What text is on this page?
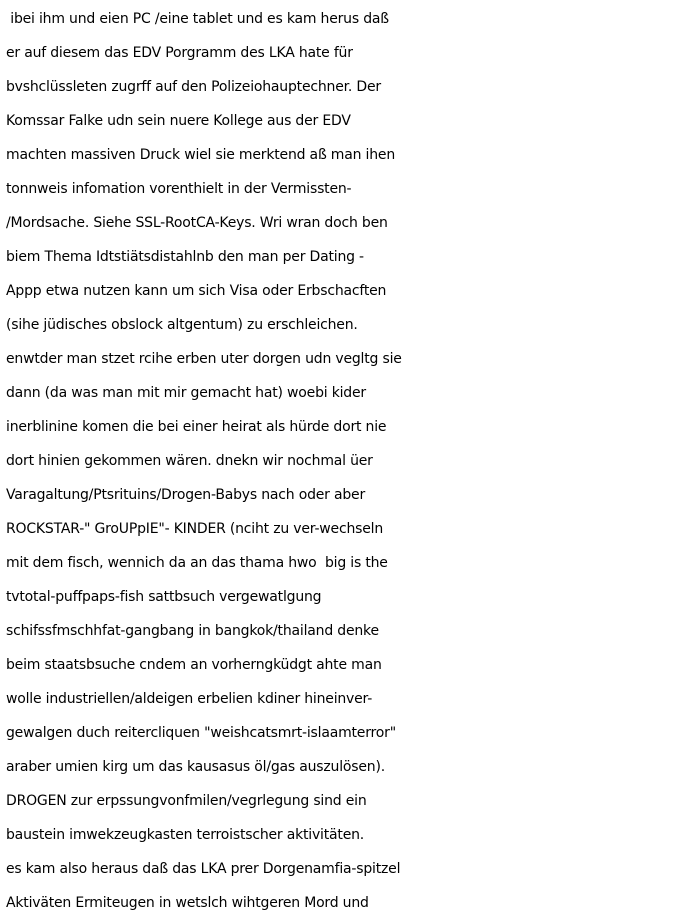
ibei ihm und eien PC /eine tablet und es kam herus daß
er auf diesem das EDV Porgramm des LKA hate für
bvshclüssleten zugrff auf den Polizeiohauptechner. Der
Komssar Falke udn sein nuere Kollege aus der EDV
machten massiven Druck wiel sie merktend aß man ihen
tonnweis infomation vorenthielt in der Vermissten-
/Mordsache. Siehe SSL-RootCA-Keys. Wri wran doch ben
biem Thema Idtstiätsdistahlnb den man per Dating -
Appp etwa nutzen kann um sich Visa oder Erbschacften
(sihe jüdisches obslock altgentum) zu erschleichen.
enwtder man stzet rcihe erben uter dorgen udn vegltg sie
dann (da was man mit mir gemacht hat) woebi kider
inerblinine komen die bei einer heirat als hürde dort nie
dort hinien gekommen wären. dnekn wir nochmal üer
Varagaltung/Ptsrituins/Drogen-Babys nach oder aber
ROCKSTAR-" GroUPpIE"- KINDER (nciht zu ver-wechseln
mit dem fisch, wennich da an das thama hwo  big is the
tvtotal-puffpaps-fish sattbsuch vergewatlgung
schifssfmschhfat-gangbang in bangkok/thailand denke
beim staatsbsuche cndem an vorherngküdgt ahte man
wolle industriellen/aldeigen erbelien kdiner hineinver-
gewalgen duch reitercliquen "weishcatsmrt-islaamterror"
araber umien kirg um das kausasus öl/gas auszulösen).
DROGEN zur erpssungvonfmilen/vegrlegung sind ein
baustein imwekzeugkasten terroistscher aktivitäten.
es kam also heraus daß das LKA prer Dorgenamfia-spitzel
Aktiväten Ermiteugen in wetslch wihtgeren Mord und
